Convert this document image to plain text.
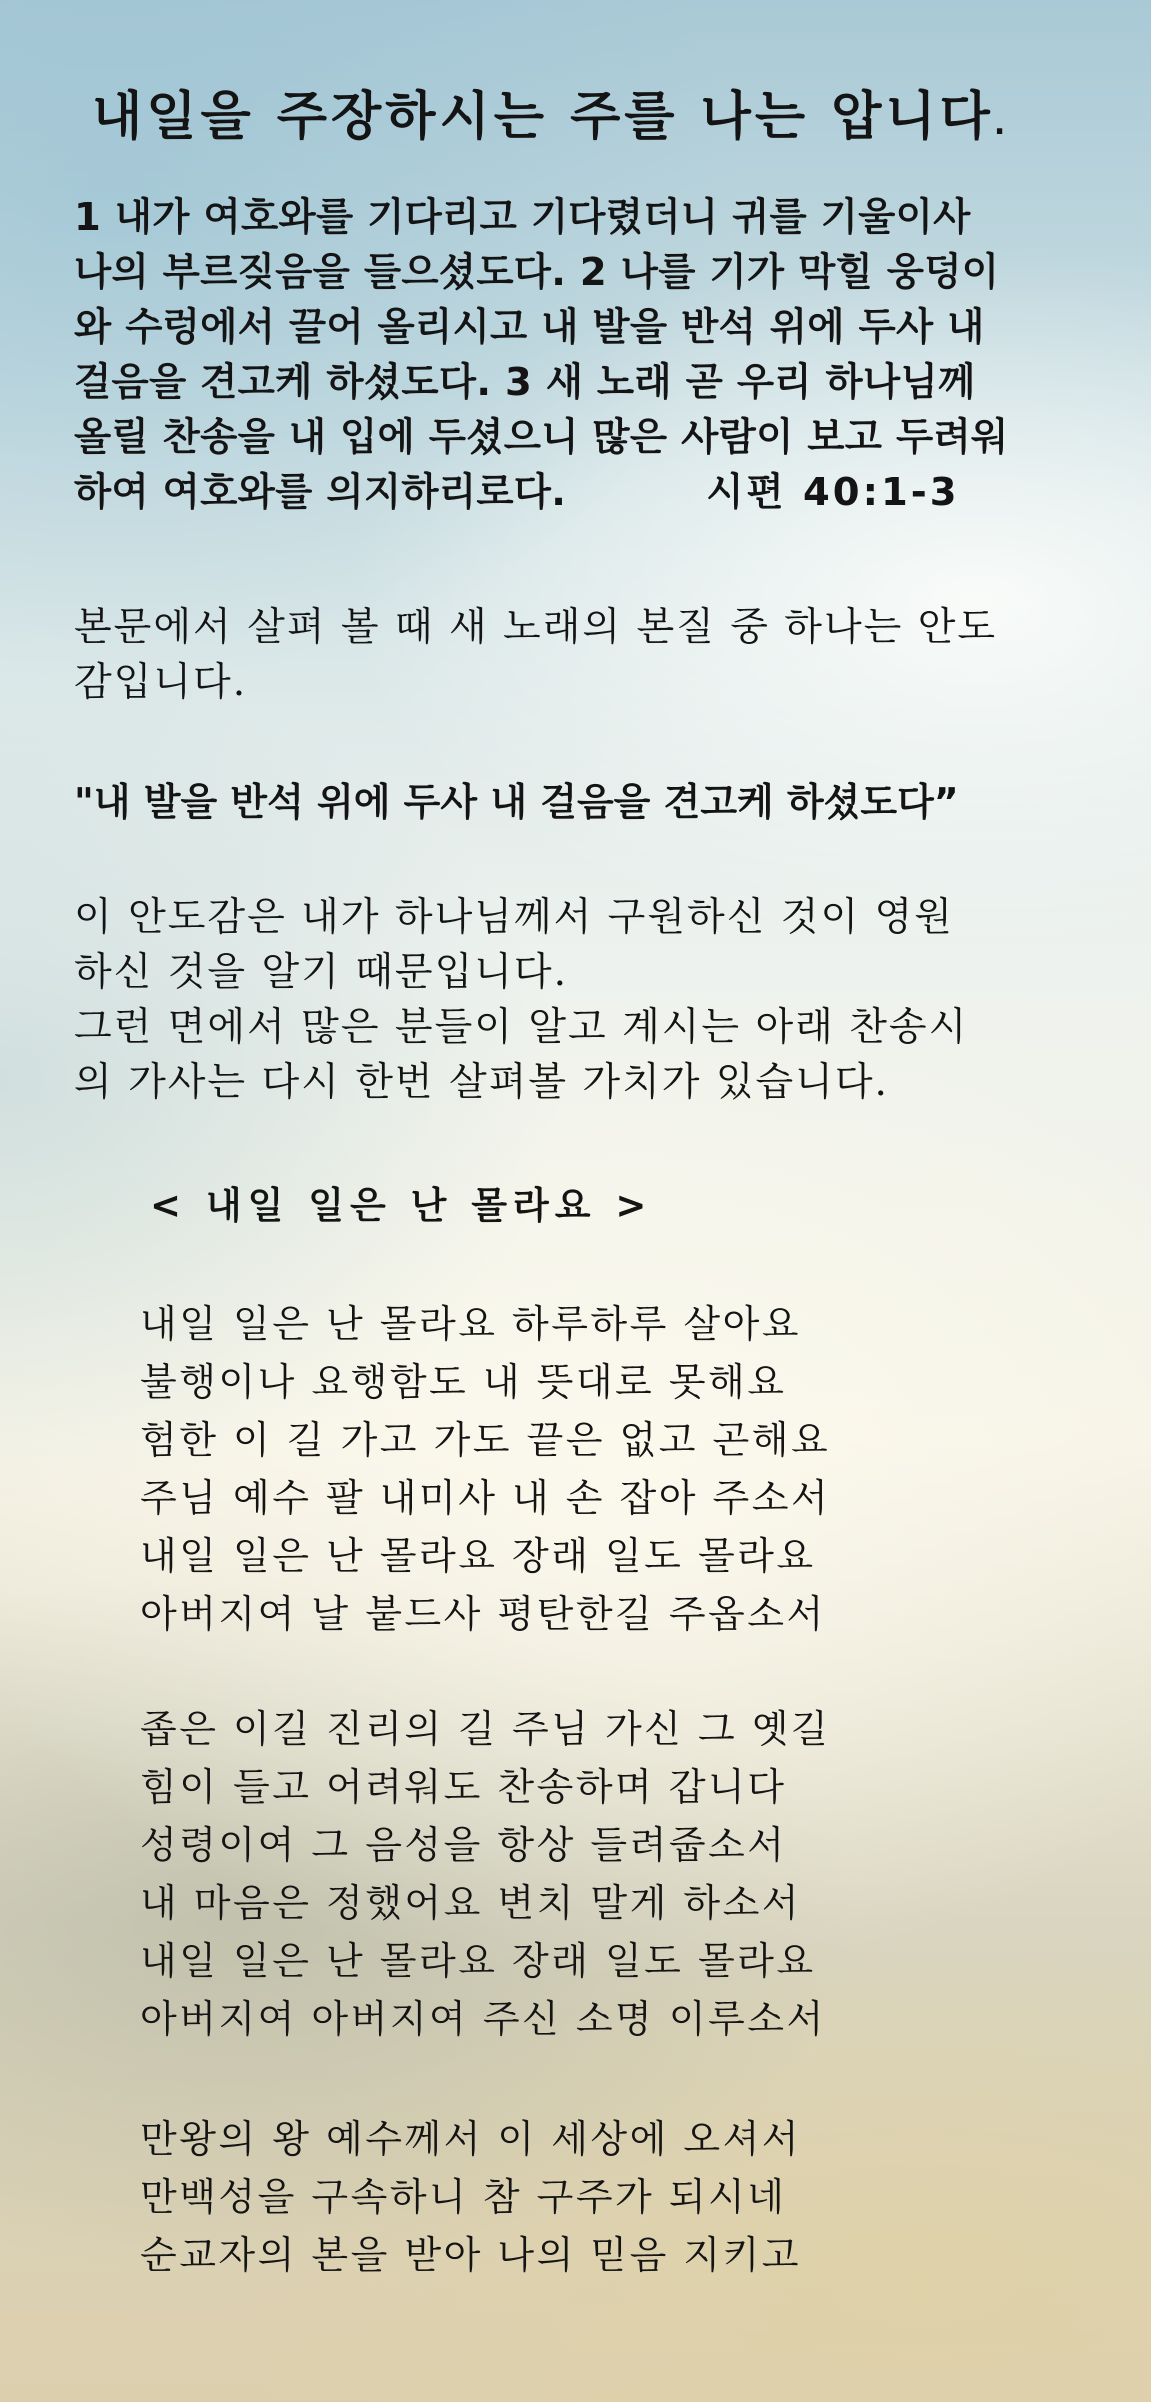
내일을 주장하시는 주를 나는 압니다.
1 내가 여호와를 기다리고 기다렸더니 귀를 기울이사
나의 부르짖음을 들으셨도다. 2 나를 기가 막힐 웅덩이
와 수렁에서 끌어 올리시고 내 발을 반석 위에 두사 내
걸음을 견고케 하셨도다. 3 새 노래 곧 우리 하나님께
올릴 찬송을 내 입에 두셨으니 많은 사람이 보고 두려워
하여 여호와를 의지하리로다.	시편 40:1-3
본문에서 살펴 볼 때 새 노래의 본질 중 하나는 안도
감입니다.
"내 발을 반석 위에 두사 내 걸음을 견고케 하셨도다”
이 안도감은 내가 하나님께서 구원하신 것이 영원
하신 것을 알기 때문입니다.
그런 면에서 많은 분들이 알고 계시는 아래 찬송시
의 가사는 다시 한번 살펴볼 가치가 있습니다.
< 내일 일은 난 몰라요 >
내일 일은 난 몰라요 하루하루 살아요
불행이나 요행함도 내 뜻대로 못해요
험한 이 길 가고 가도 끝은 없고 곤해요
주님 예수 팔 내미사 내 손 잡아 주소서
내일 일은 난 몰라요 장래 일도 몰라요
아버지여 날 붙드사 평탄한길 주옵소서
좁은 이길 진리의 길 주님 가신 그 옛길
힘이 들고 어려워도 찬송하며 갑니다
성령이여 그 음성을 항상 들려줍소서
내 마음은 정했어요 변치 말게 하소서
내일 일은 난 몰라요 장래 일도 몰라요
아버지여 아버지여 주신 소명 이루소서
만왕의 왕 예수께서 이 세상에 오셔서
만백성을 구속하니 참 구주가 되시네
순교자의 본을 받아 나의 믿음 지키고
